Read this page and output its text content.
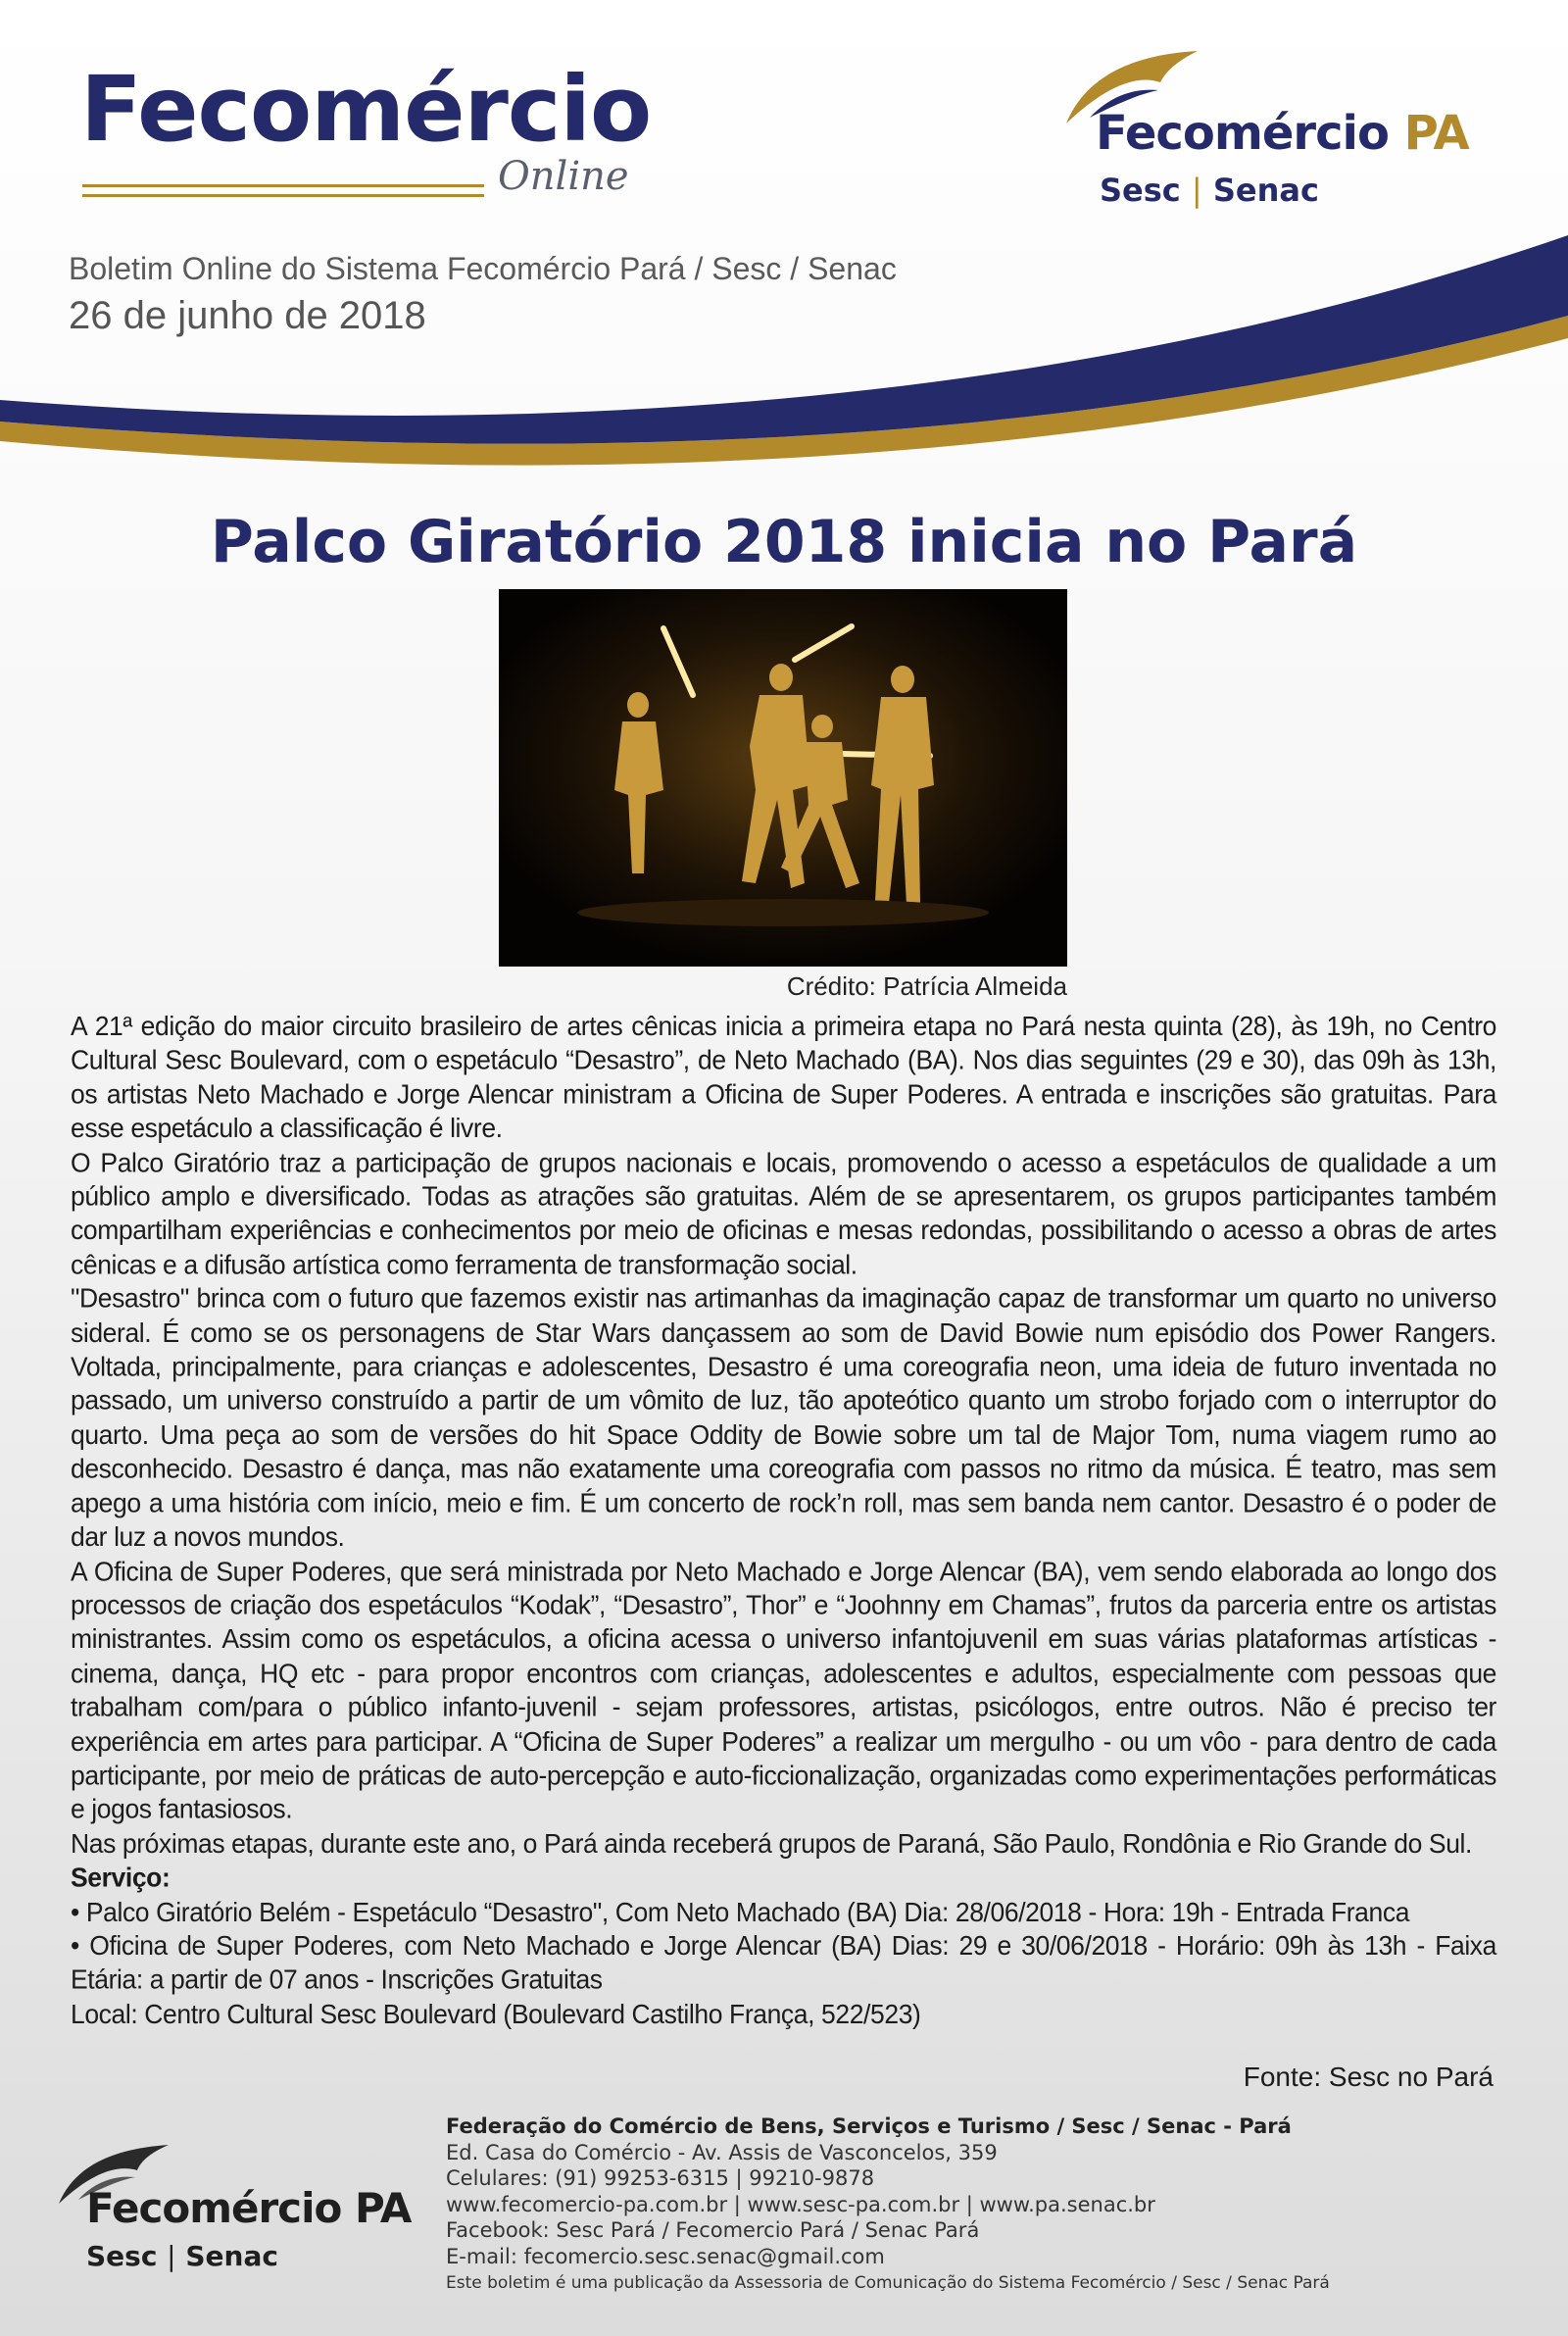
Fecomércio
Online
Fecomércio PA
Sesc | Senac
Boletim Online do Sistema Fecomércio Pará / Sesc / Senac
26 de junho de 2018
Palco Giratório 2018 inicia no Pará
Crédito: Patrícia Almeida

A 21ª edição do maior circuito brasileiro de artes cênicas inicia a primeira etapa no Pará nesta quinta (28), às 19h, no Centro Cultural Sesc Boulevard, com o espetáculo “Desastro”, de Neto Machado (BA). Nos dias seguintes (29 e 30), das 09h às 13h, os artistas Neto Machado e Jorge Alencar ministram a Oficina de Super Poderes. A entrada e inscrições são gratuitas. Para esse espetáculo a classificação é livre.

O Palco Giratório traz a participação de grupos nacionais e locais, promovendo o acesso a espetáculos de qualidade a um público amplo e diversificado. Todas as atrações são gratuitas. Além de se apresentarem, os grupos participantes também compartilham experiências e conhecimentos por meio de oficinas e mesas redondas, possibilitando o acesso a obras de artes cênicas e a difusão artística como ferramenta de transformação social.

"Desastro" brinca com o futuro que fazemos existir nas artimanhas da imaginação capaz de transformar um quarto no universo sideral. É como se os personagens de Star Wars dançassem ao som de David Bowie num episódio dos Power Rangers. Voltada, principalmente, para crianças e adolescentes, Desastro é uma coreografia neon, uma ideia de futuro inventada no passado, um universo construído a partir de um vômito de luz, tão apoteótico quanto um strobo forjado com o interruptor do quarto. Uma peça ao som de versões do hit Space Oddity de Bowie sobre um tal de Major Tom, numa viagem rumo ao desconhecido. Desastro é dança, mas não exatamente uma coreografia com passos no ritmo da música. É teatro, mas sem apego a uma história com início, meio e fim. É um concerto de rock’n roll, mas sem banda nem cantor. Desastro é o poder de dar luz a novos mundos.

A Oficina de Super Poderes, que será ministrada por Neto Machado e Jorge Alencar (BA), vem sendo elaborada ao longo dos processos de criação dos espetáculos “Kodak”, “Desastro”, Thor” e “Joohnny em Chamas”, frutos da parceria entre os artistas ministrantes. Assim como os espetáculos, a oficina acessa o universo infantojuvenil em suas várias plataformas artísticas - cinema, dança, HQ etc - para propor encontros com crianças, adolescentes e adultos, especialmente com pessoas que trabalham com/para o público infanto-juvenil - sejam professores, artistas, psicólogos, entre outros. Não é preciso ter experiência em artes para participar. A “Oficina de Super Poderes” a realizar um mergulho - ou um vôo - para dentro de cada participante, por meio de práticas de auto-percepção e auto-ficcionalização, organizadas como experimentações performáticas e jogos fantasiosos.

Nas próximas etapas, durante este ano, o Pará ainda receberá grupos de Paraná, São Paulo, Rondônia e Rio Grande do Sul.

Serviço:

• Palco Giratório Belém - Espetáculo “Desastro", Com Neto Machado (BA) Dia: 28/06/2018 - Hora: 19h - Entrada Franca

• Oficina de Super Poderes, com Neto Machado e Jorge Alencar (BA) Dias: 29 e 30/06/2018 - Horário: 09h às 13h - Faixa Etária: a partir de 07 anos - Inscrições Gratuitas

Local: Centro Cultural Sesc Boulevard (Boulevard Castilho França, 522/523)

Fonte: Sesc no Pará
Fecomércio PA
Sesc | Senac
Federação do Comércio de Bens, Serviços e Turismo / Sesc / Senac - Pará
Ed. Casa do Comércio - Av. Assis de Vasconcelos, 359
Celulares: (91) 99253-6315 | 99210-9878
www.fecomercio-pa.com.br | www.sesc-pa.com.br | www.pa.senac.br
Facebook: Sesc Pará / Fecomercio Pará / Senac Pará
E-mail: fecomercio.sesc.senac@gmail.com
Este boletim é uma publicação da Assessoria de Comunicação do Sistema Fecomércio / Sesc / Senac Pará
